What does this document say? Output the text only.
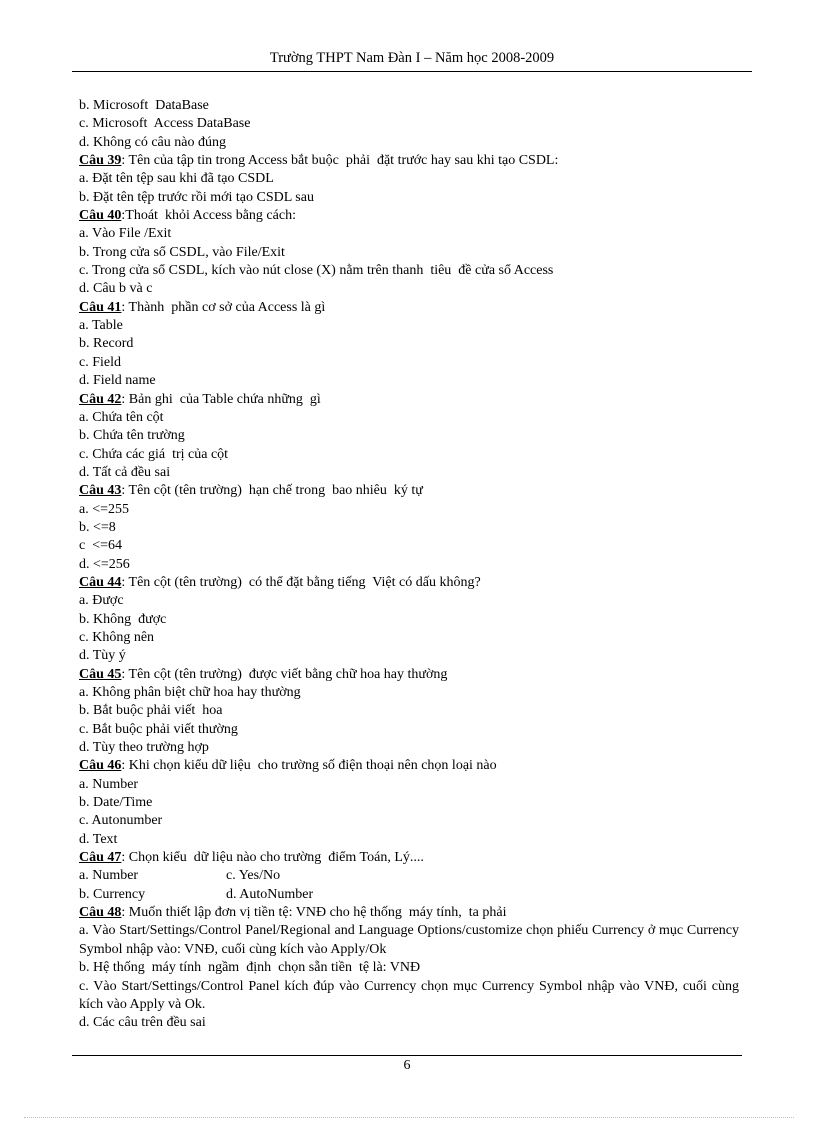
Trường THPT Nam Đàn I – Năm học 2008-2009
b. Microsoft  DataBase
c. Microsoft  Access DataBase
d. Không có câu nào đúng
Câu 39: Tên của tập tin trong Access bắt buộc  phải  đặt trước hay sau khi tạo CSDL:
a. Đặt tên tệp sau khi đã tạo CSDL
b. Đặt tên tệp trước rồi mới tạo CSDL sau
Câu 40:Thoát  khỏi Access bằng cách:
a. Vào File /Exit
b. Trong cửa sổ CSDL, vào File/Exit
c. Trong cửa sổ CSDL, kích vào nút close (X) nằm trên thanh  tiêu  đề cửa sổ Access
d. Câu b và c
Câu 41: Thành  phần cơ sở của Access là gì
a. Table
b. Record
c. Field
d. Field name
Câu 42: Bản ghi  của Table chứa những  gì
a. Chứa tên cột
b. Chứa tên trường
c. Chứa các giá  trị của cột
d. Tất cả đều sai
Câu 43: Tên cột (tên trường)  hạn chế trong  bao nhiêu  ký tự
a. <=255
b. <=8
c  <=64
d. <=256
Câu 44: Tên cột (tên trường)  có thể đặt bằng tiếng  Việt có dấu không?
a. Được
b. Không  được
c. Không nên
d. Tùy ý
Câu 45: Tên cột (tên trường)  được viết bằng chữ hoa hay thường
a. Không phân biệt chữ hoa hay thường
b. Bắt buộc phải viết  hoa
c. Bắt buộc phải viết thường
d. Tùy theo trường hợp
Câu 46: Khi chọn kiểu dữ liệu  cho trường số điện thoại nên chọn loại nào
a. Number
b. Date/Time
c. Autonumber
d. Text
Câu 47: Chọn kiểu  dữ liệu nào cho trường  điểm Toán, Lý....
a. Number	c. Yes/No
b. Currency	d. AutoNumber
Câu 48: Muốn thiết lập đơn vị tiền tệ: VNĐ cho hệ thống  máy tính,  ta phải
a. Vào Start/Settings/Control Panel/Regional and Language Options/customize chọn phiếu Currency ở mục Currency Symbol nhập vào: VNĐ, cuối cùng kích vào Apply/Ok
b. Hệ thống  máy tính  ngầm  định  chọn sẵn tiền  tệ là: VNĐ
c. Vào Start/Settings/Control Panel kích đúp vào Currency chọn mục Currency Symbol nhập vào VNĐ, cuối cùng kích vào Apply và Ok.
d. Các câu trên đều sai
6
